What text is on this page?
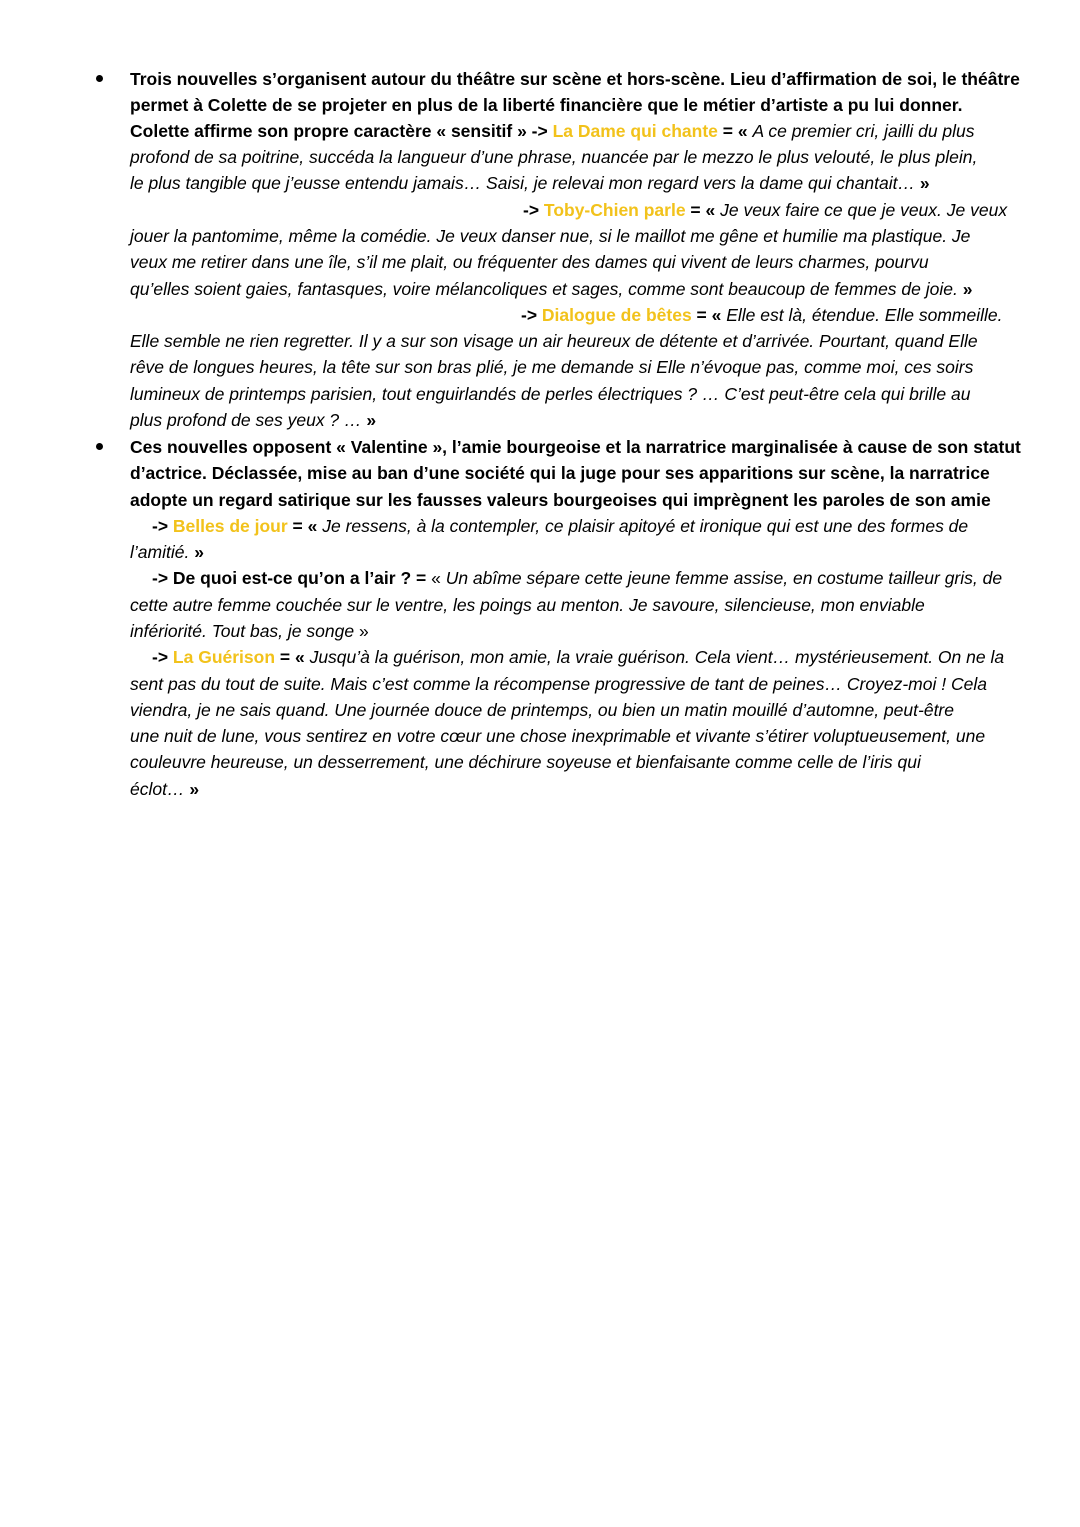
Trois nouvelles s’organisent autour du théâtre sur scène et hors-scène. Lieu d’affirmation de soi, le théâtre
permet à Colette de se projeter en plus de la liberté financière que le métier d’artiste a pu lui donner.
Colette affirme son propre caractère « sensitif » -> La Dame qui chante = « A ce premier cri, jailli du plus
profond de sa poitrine, succéda la langueur d’une phrase, nuancée par le mezzo le plus velouté, le plus plein,
le plus tangible que j’eusse entendu jamais… Saisi, je relevai mon regard vers la dame qui chantait… »
-> Toby-Chien parle = « Je veux faire ce que je veux. Je veux
jouer la pantomime, même la comédie. Je veux danser nue, si le maillot me gêne et humilie ma plastique. Je
veux me retirer dans une île, s’il me plait, ou fréquenter des dames qui vivent de leurs charmes, pourvu
qu’elles soient gaies, fantasques, voire mélancoliques et sages, comme sont beaucoup de femmes de joie. »
-> Dialogue de bêtes = « Elle est là, étendue. Elle sommeille.
Elle semble ne rien regretter. Il y a sur son visage un air heureux de détente et d’arrivée. Pourtant, quand Elle
rêve de longues heures, la tête sur son bras plié, je me demande si Elle n’évoque pas, comme moi, ces soirs
lumineux de printemps parisien, tout enguirlandés de perles électriques ? … C’est peut-être cela qui brille au
plus profond de ses yeux ? … »
Ces nouvelles opposent « Valentine », l’amie bourgeoise et la narratrice marginalisée à cause de son statut
d’actrice. Déclassée, mise au ban d’une société qui la juge pour ses apparitions sur scène, la narratrice
adopte un regard satirique sur les fausses valeurs bourgeoises qui imprègnent les paroles de son amie
-> Belles de jour = « Je ressens, à la contempler, ce plaisir apitoyé et ironique qui est une des formes de
l’amitié. »
-> De quoi est-ce qu’on a l’air ? = « Un abîme sépare cette jeune femme assise, en costume tailleur gris, de
cette autre femme couchée sur le ventre, les poings au menton. Je savoure, silencieuse, mon enviable
infériorité. Tout bas, je songe »
-> La Guérison = « Jusqu’à la guérison, mon amie, la vraie guérison. Cela vient… mystérieusement. On ne la
sent pas du tout de suite. Mais c’est comme la récompense progressive de tant de peines… Croyez-moi ! Cela
viendra, je ne sais quand. Une journée douce de printemps, ou bien un matin mouillé d’automne, peut-être
une nuit de lune, vous sentirez en votre cœur une chose inexprimable et vivante s’étirer voluptueusement, une
couleuvre heureuse, un desserrement, une déchirure soyeuse et bienfaisante comme celle de l’iris qui
éclot… »
